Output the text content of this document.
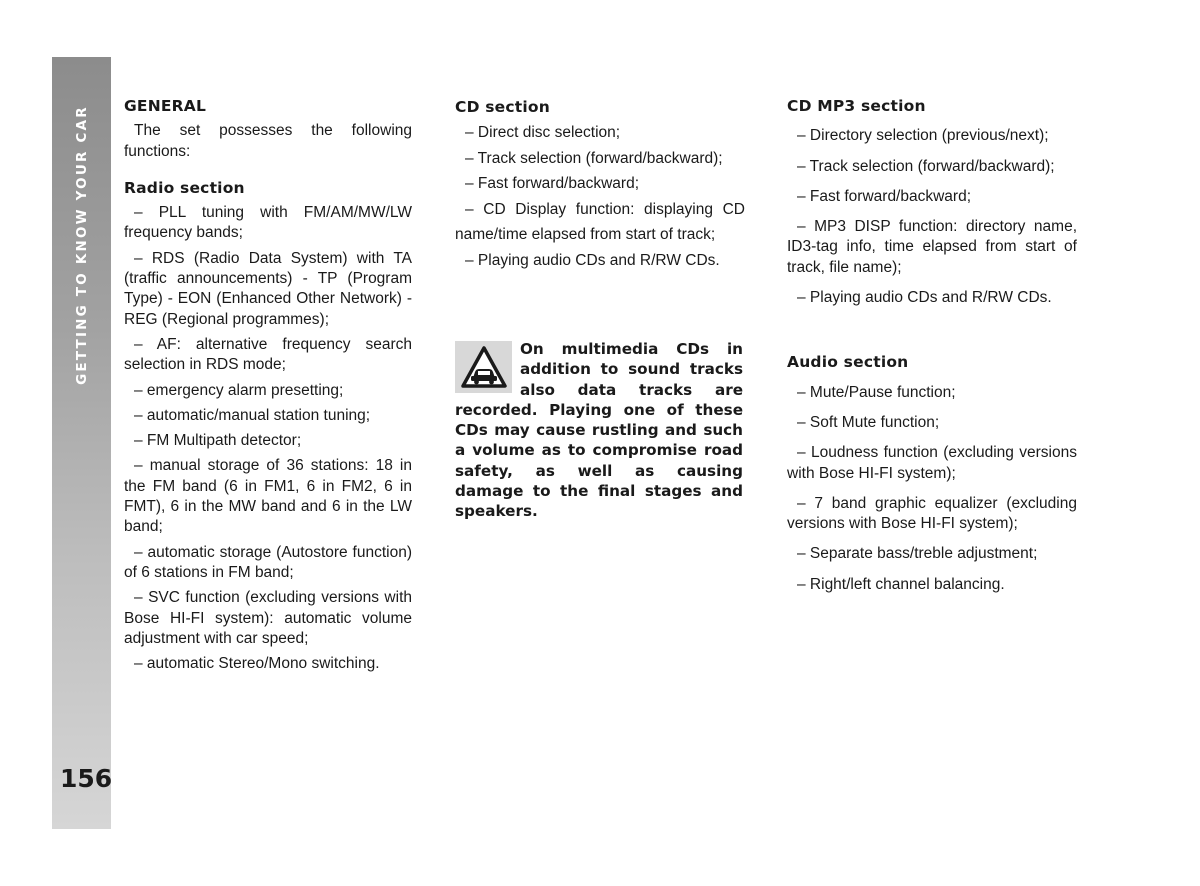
GETTING TO KNOW YOUR CAR
156

GENERAL

The set possesses the following functions:

Radio section

– PLL tuning with FM/AM/MW/LW frequency bands;

– RDS (Radio Data System) with TA (traffic announcements) - TP (Program Type) - EON (Enhanced Other Network) - REG (Regional programmes);

– AF: alternative frequency search selection in RDS mode;

– emergency alarm presetting;

– automatic/manual station tuning;

– FM Multipath detector;

– manual storage of 36 stations: 18 in the FM band (6 in FM1, 6 in FM2, 6 in FMT), 6 in the MW band and 6 in the LW band;

– automatic storage (Autostore function) of 6 stations in FM band;

– SVC function (excluding versions with Bose HI-FI system): automatic volume adjustment with car speed;

– automatic Stereo/Mono switching.

CD section

– Direct disc selection;

– Track selection (forward/backward);

– Fast forward/backward;

– CD Display function: displaying CD name/time elapsed from start of track;

– Playing audio CDs and R/RW CDs.

On multimedia CDs in addition to sound tracks also data tracks are recorded. Playing one of these CDs may cause rustling and such a volume as to compromise road safety, as well as causing damage to the final stages and speakers.

CD MP3 section

– Directory selection (previous/next);

– Track selection (forward/backward);

– Fast forward/backward;

– MP3 DISP function: directory name, ID3-tag info, time elapsed from start of track, file name);

– Playing audio CDs and R/RW CDs.

Audio section

– Mute/Pause function;

– Soft Mute function;

– Loudness function (excluding versions with Bose HI-FI system);

– 7 band graphic equalizer (excluding versions with Bose HI-FI system);

– Separate bass/treble adjustment;

– Right/left channel balancing.
